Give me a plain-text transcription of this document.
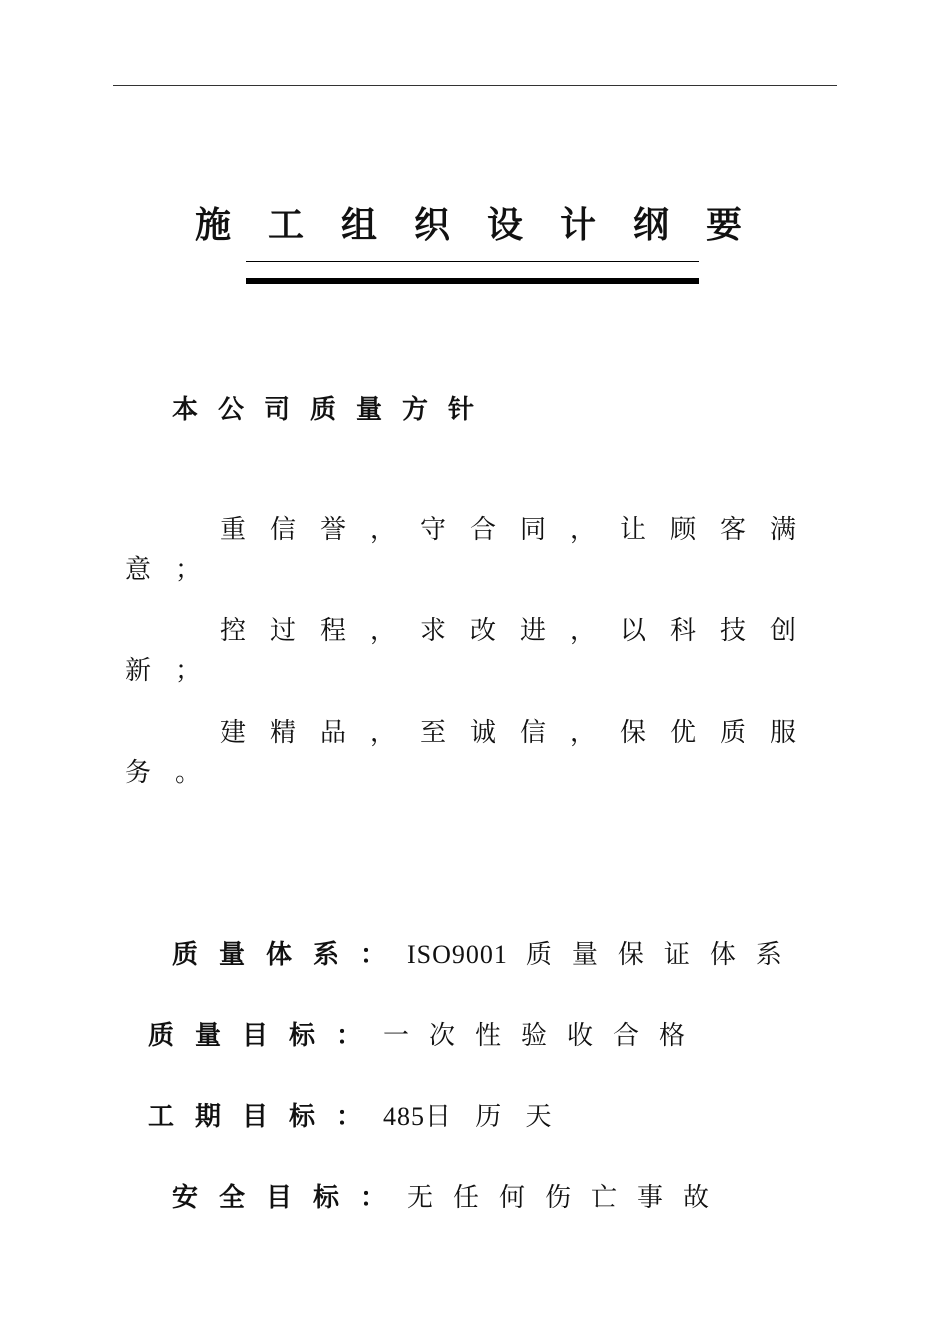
施工组织设计纲要
本公司质量方针
重信誉，守合同，让顾客满意；
控过程，求改进，以科技创新；
建精品，至诚信，保优质服务。
质量体系：ISO9001 质量保证体系
质量目标：一次性验收合格
工期目标：485日 历 天
安全目标：无任何伤亡事故
